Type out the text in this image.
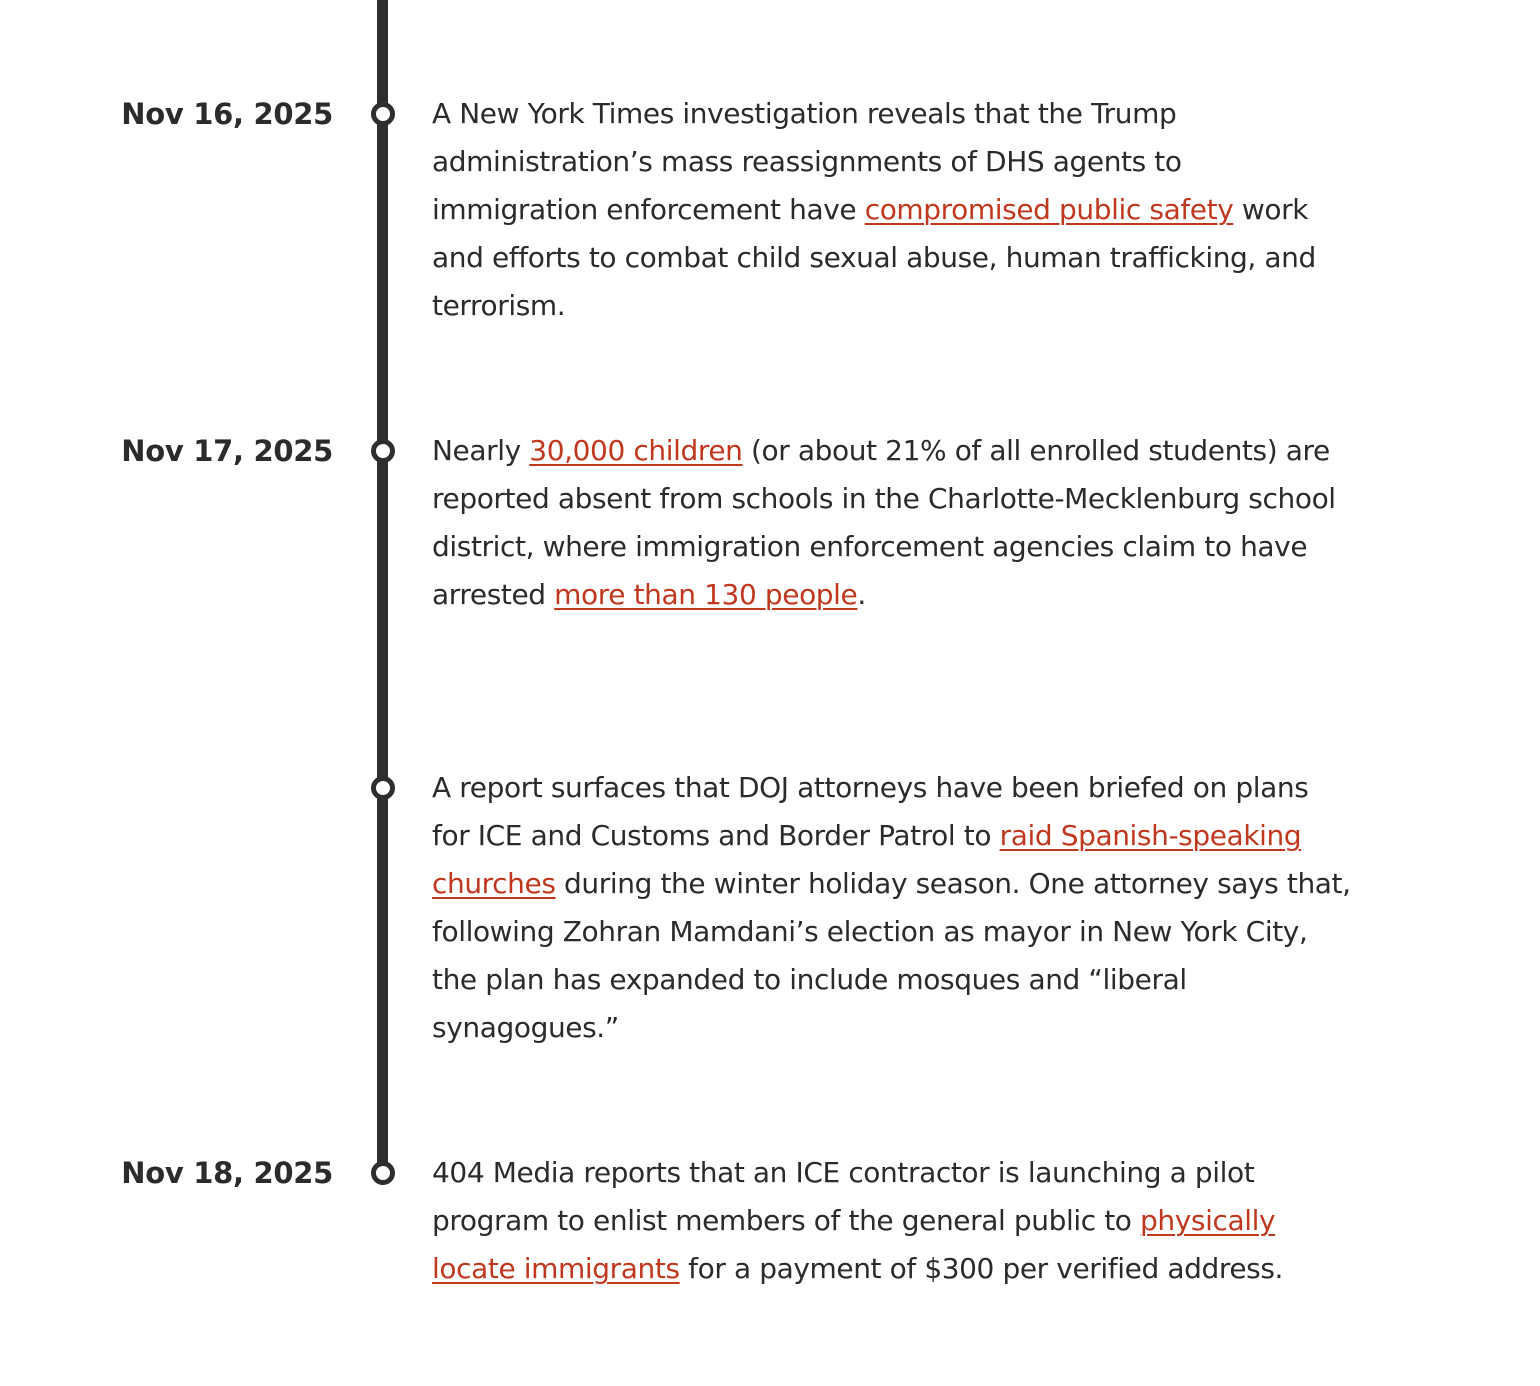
Nov 16, 2025	A New York Times investigation reveals that the Trump administration’s mass reassignments of DHS agents to immigration enforcement have compromised public safety work and efforts to combat child sexual abuse, human trafficking, and terrorism.
Nov 17, 2025	Nearly 30,000 children (or about 21% of all enrolled students) are reported absent from schools in the Charlotte-Mecklenburg school district, where immigration enforcement agencies claim to have arrested more than 130 people.
A report surfaces that DOJ attorneys have been briefed on plans for ICE and Customs and Border Patrol to raid Spanish-speaking churches during the winter holiday season. One attorney says that, following Zohran Mamdani’s election as mayor in New York City, the plan has expanded to include mosques and “liberal synagogues.”
Nov 18, 2025	404 Media reports that an ICE contractor is launching a pilot program to enlist members of the general public to physically locate immigrants for a payment of $300 per verified address.
